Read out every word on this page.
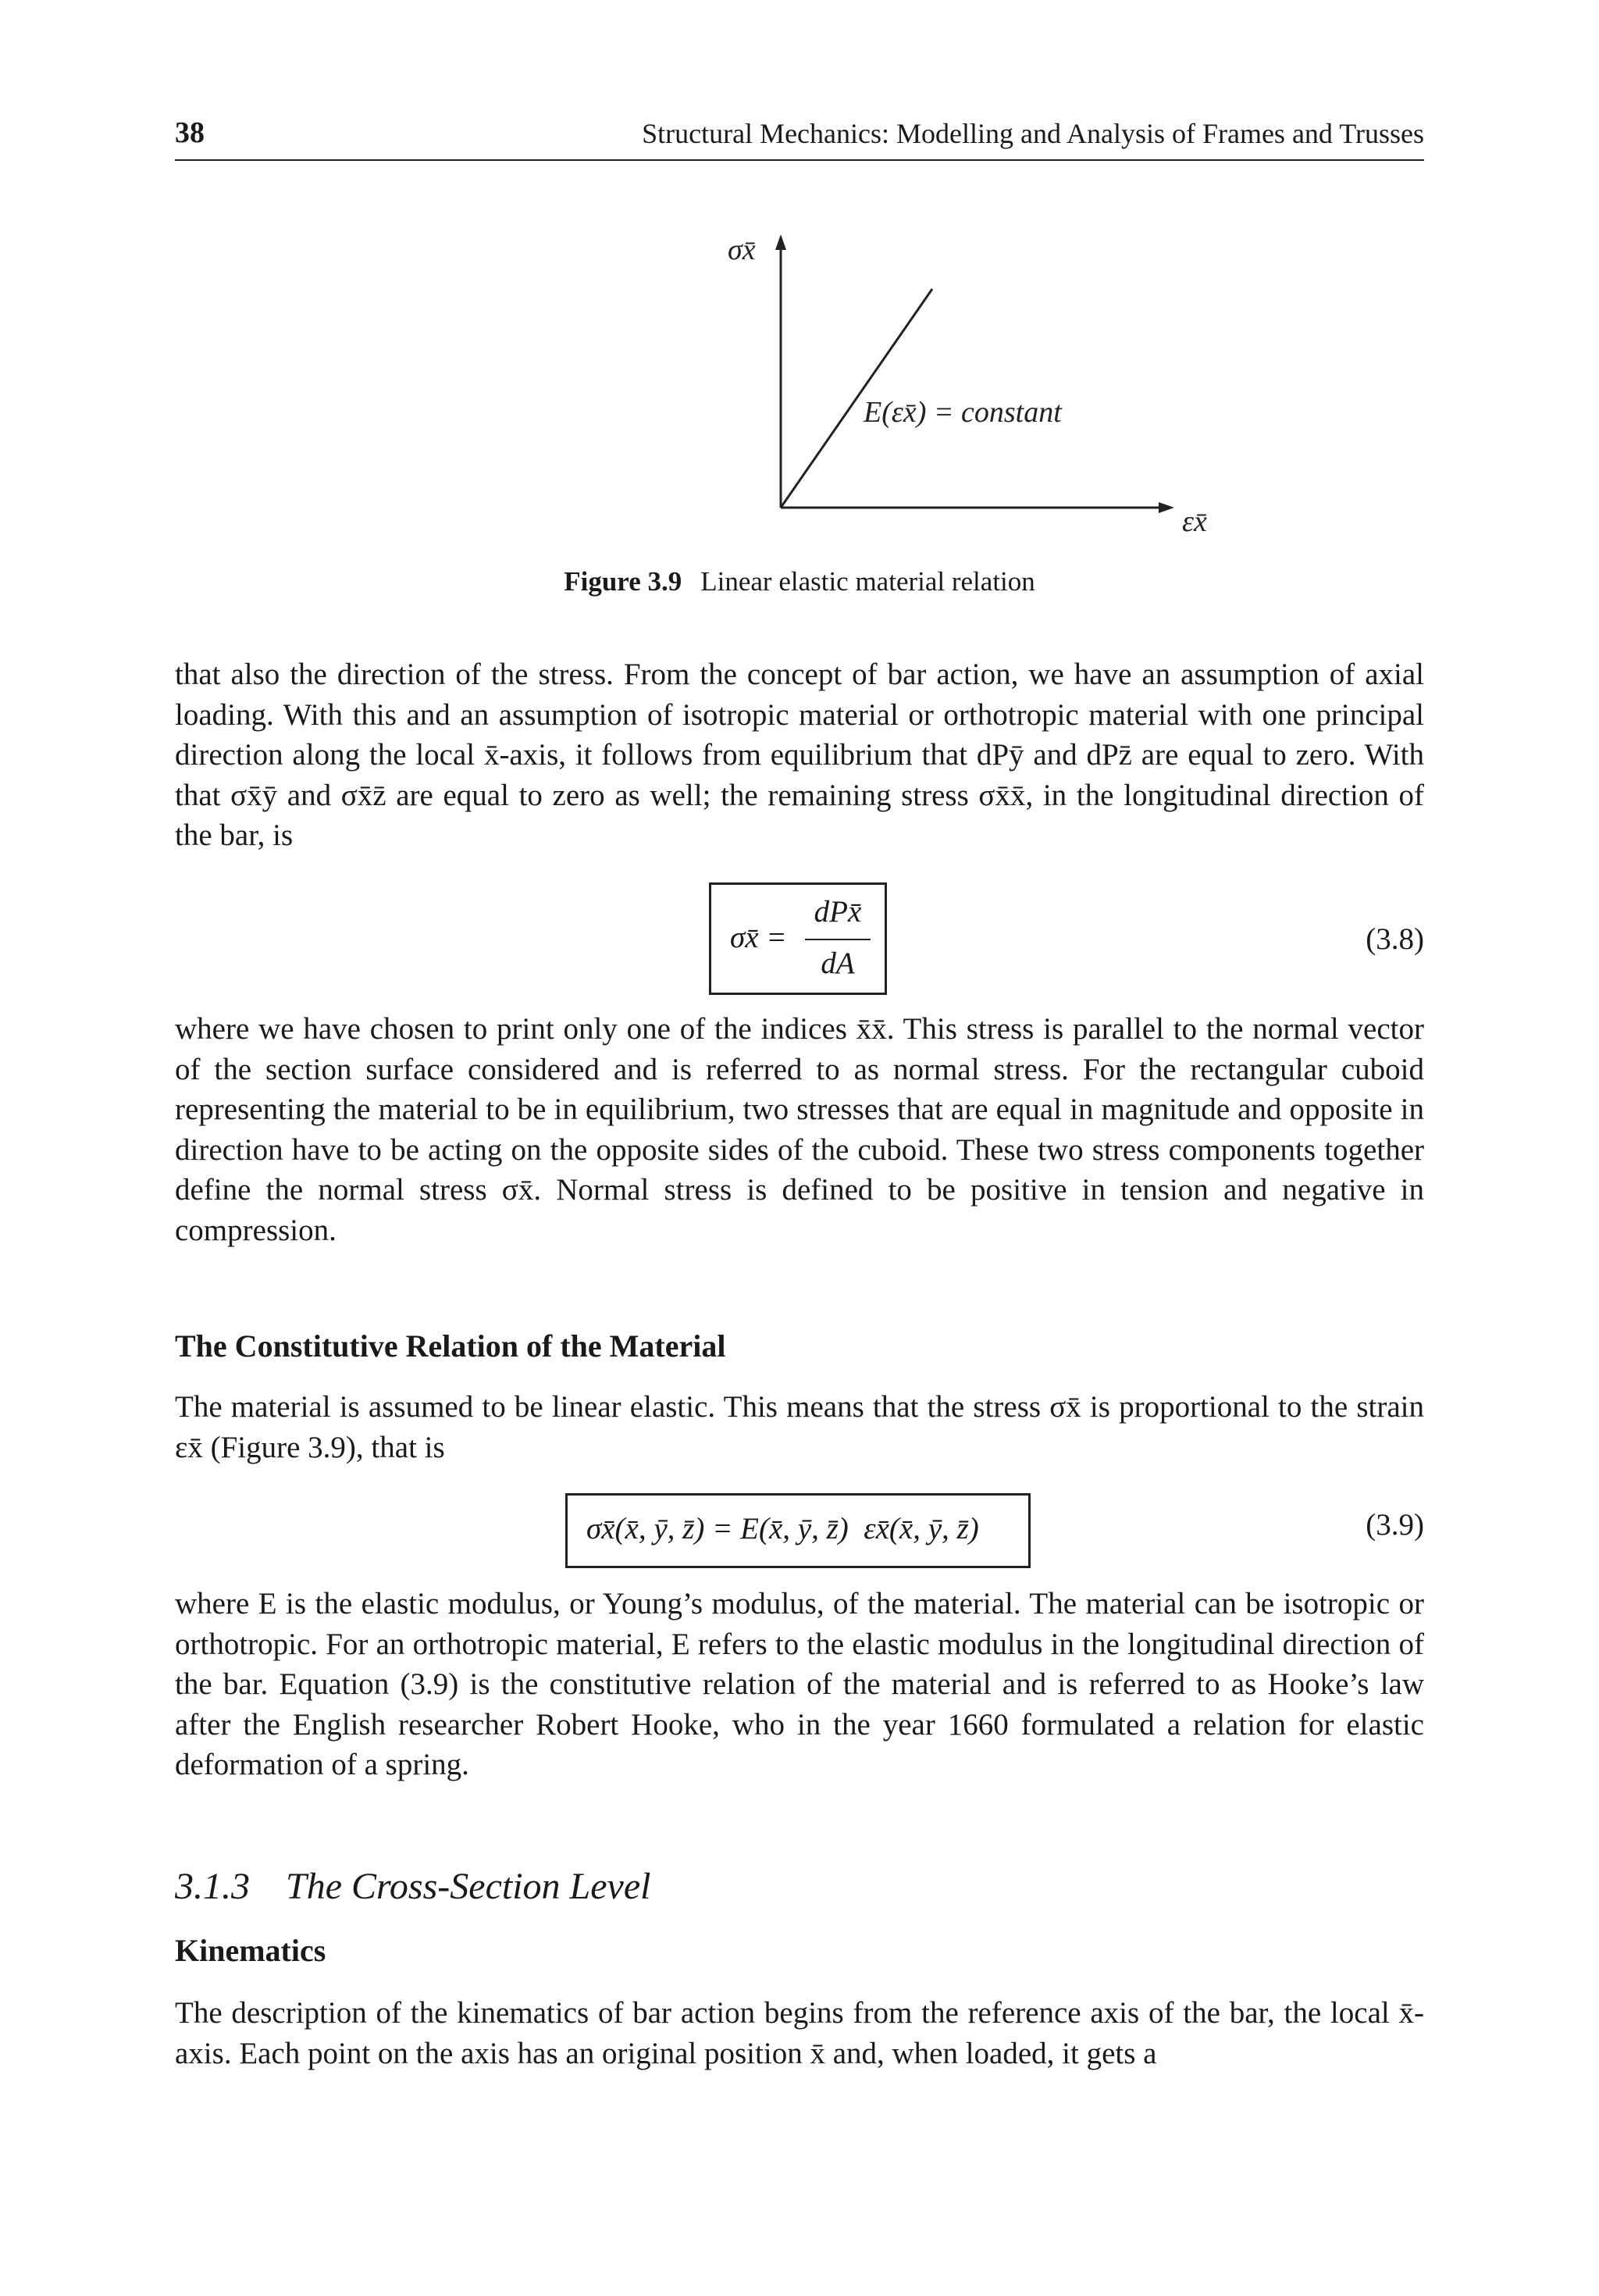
38	Structural Mechanics: Modelling and Analysis of Frames and Trusses
σx̄
εx̄
E(εx̄) = constant
Figure 3.9 Linear elastic material relation

that also the direction of the stress. From the concept of bar action, we have an assumption of axial loading. With this and an assumption of isotropic material or orthotropic material with one principal direction along the local x̄-axis, it follows from equilibrium that dPȳ and dPz̄ are equal to zero. With that σx̄ȳ and σx̄z̄ are equal to zero as well; the remaining stress σx̄x̄, in the longitudinal direction of the bar, is

σx̄ =
dPx̄
dA
(3.8)

where we have chosen to print only one of the indices x̄x̄. This stress is parallel to the normal vector of the section surface considered and is referred to as normal stress. For the rectangular cuboid representing the material to be in equilibrium, two stresses that are equal in magnitude and opposite in direction have to be acting on the opposite sides of the cuboid. These two stress components together define the normal stress σx̄. Normal stress is defined to be positive in tension and negative in compression.

The Constitutive Relation of the Material

The material is assumed to be linear elastic. This means that the stress σx̄ is proportional to the strain εx̄ (Figure 3.9), that is

σx̄(x̄, ȳ, z̄) = E(x̄, ȳ, z̄)  εx̄(x̄, ȳ, z̄)	(3.9)

where E is the elastic modulus, or Young’s modulus, of the material. The material can be isotropic or orthotropic. For an orthotropic material, E refers to the elastic modulus in the longitudinal direction of the bar. Equation (3.9) is the constitutive relation of the material and is referred to as Hooke’s law after the English researcher Robert Hooke, who in the year 1660 formulated a relation for elastic deformation of a spring.

3.1.3 The Cross-Section Level
Kinematics

The description of the kinematics of bar action begins from the reference axis of the bar, the local x̄-axis. Each point on the axis has an original position x̄ and, when loaded, it gets a
